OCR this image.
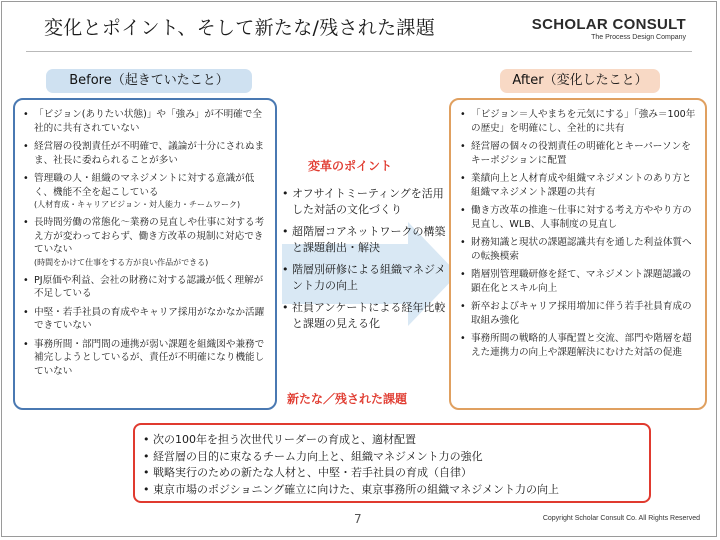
変化とポイント、そして新たな/残された課題	SCHOLAR CONSULT
The Process Design Company
Before（起きていたこと）	After（変化したこと）
• 「ビジョン(ありたい状態)」や「強み」が不明確で全社的に共有されていない
• 経営層の役割責任が不明確で、議論が十分にされぬまま、社長に委ねられることが多い
• 管理職の人・組織のマネジメントに対する意識が低く、機能不全を起こしている
(人材育成・キャリアビジョン・対人能力・チームワーク)
• 長時間労働の常態化～業務の見直しや仕事に対する考え方が変わっておらず、働き方改革の規制に対応できていない
(時間をかけて仕事をする方が良い作品ができる)
• PJ原価や利益、会社の財務に対する認識が低く理解が不足している
• 中堅・若手社員の育成やキャリア採用がなかなか活躍できていない
• 事務所間・部門間の連携が弱い課題を組織図や兼務で補完しようとしているが、責任が不明確になり機能していない
変革のポイント
• オフサイトミーティングを活用した対話の文化づくり
• 超階層コアネットワークの構築と課題創出・解決
• 階層別研修による組織マネジメント力の向上
• 社員アンケートによる経年比較と課題の見える化
• 「ビジョン＝人やまちを元気にする」「強み＝100年の歴史」を明確にし、全社的に共有
• 経営層の個々の役割責任の明確化とキーパーソンをキーポジションに配置
• 業績向上と人材育成や組織マネジメントのあり方と組織マネジメント課題の共有
• 働き方改革の推進～仕事に対する考え方ややり方の見直し、WLB、人事制度の見直し
• 財務知識と現状の課題認識共有を通した利益体質への転換模索
• 階層別管理職研修を経て、マネジメント課題認識の顕在化とスキル向上
• 新卒およびキャリア採用増加に伴う若手社員育成の取組み強化
• 事務所間の戦略的人事配置と交流、部門や階層を超えた連携力の向上や課題解決にむけた対話の促進
新たな／残された課題
• 次の100年を担う次世代リーダーの育成と、適材配置
• 経営層の目的に束なるチーム力向上と、組織マネジメント力の強化
• 戦略実行のための新たな人材と、中堅・若手社員の育成（自律）
• 東京市場のポジショニング確立に向けた、東京事務所の組織マネジメント力の向上
7	Copyright Scholar Consult Co. All Rights Reserved
